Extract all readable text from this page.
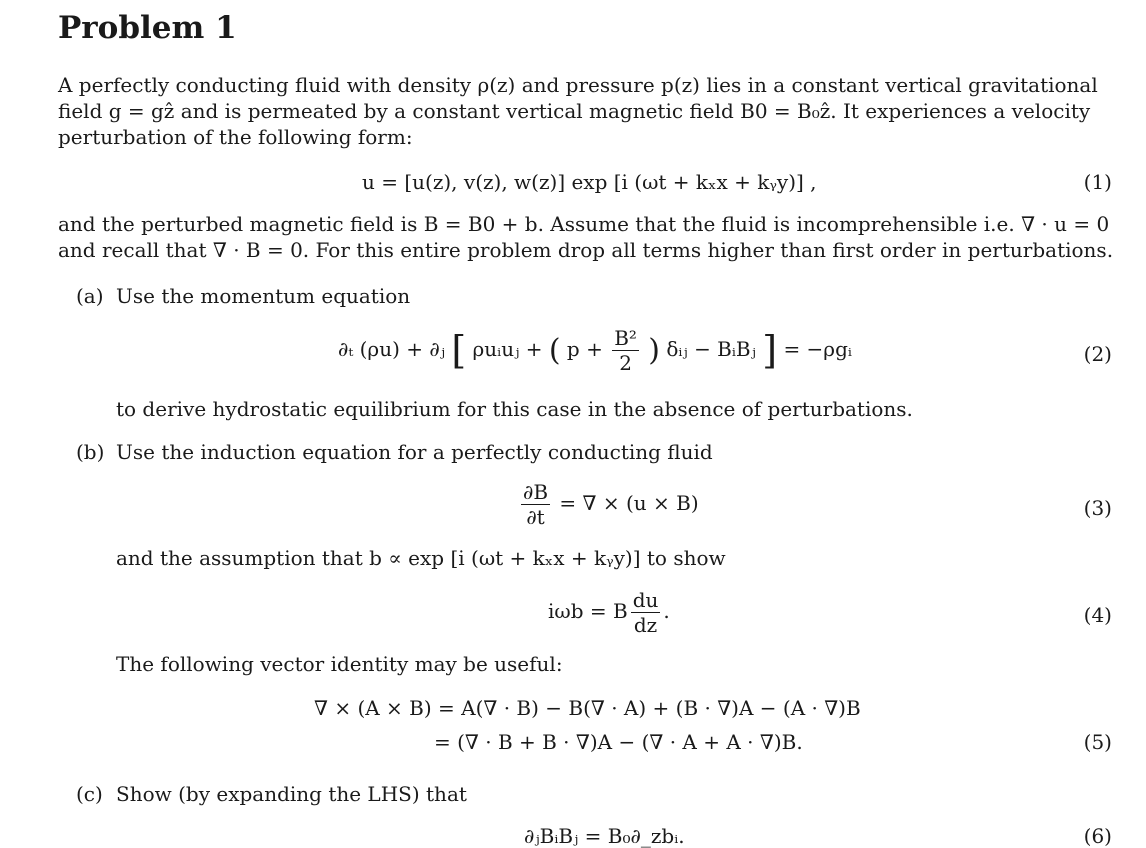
Problem 1
A perfectly conducting fluid with density ρ(z) and pressure p(z) lies in a constant vertical gravitational
field g = gẑ and is permeated by a constant vertical magnetic field B0 = B₀ẑ. It experiences a velocity
perturbation of the following form:
u = [u(z), v(z), w(z)] exp [i (ωt + kₓx + kᵧy)] ,	(1)
and the perturbed magnetic field is B = B0 + b. Assume that the fluid is incomprehensible i.e. ∇ · u = 0
and recall that ∇ · B = 0. For this entire problem drop all terms higher than first order in perturbations.
(a) Use the momentum equation
∂ₜ (ρu) + ∂ⱼ [ ρuᵢuⱼ + ( $p + \frac{\text{B²}}{2}$ ) δᵢⱼ − BᵢBⱼ ] = −ρgᵢ	(2)
to derive hydrostatic equilibrium for this case in the absence of perturbations.
(b) Use the induction equation for a perfectly conducting fluid
$\frac{\partial B}{\partial t}$ = ∇ × (u × B)	(3)
and the assumption that b ∝ exp [i (ωt + kₓx + kᵧy)] to show
iωb = B $\frac{du}{dz}$ .	(4)
The following vector identity may be useful:
∇ × (A × B) = A(∇ · B) − B(∇ · A) + (B · ∇)A − (A · ∇)B
= (∇ · B + B · ∇)A − (∇ · A + A · ∇)B.	(5)
(c) Show (by expanding the LHS) that
∂ⱼBᵢBⱼ = B₀∂_zbᵢ.	(6)
